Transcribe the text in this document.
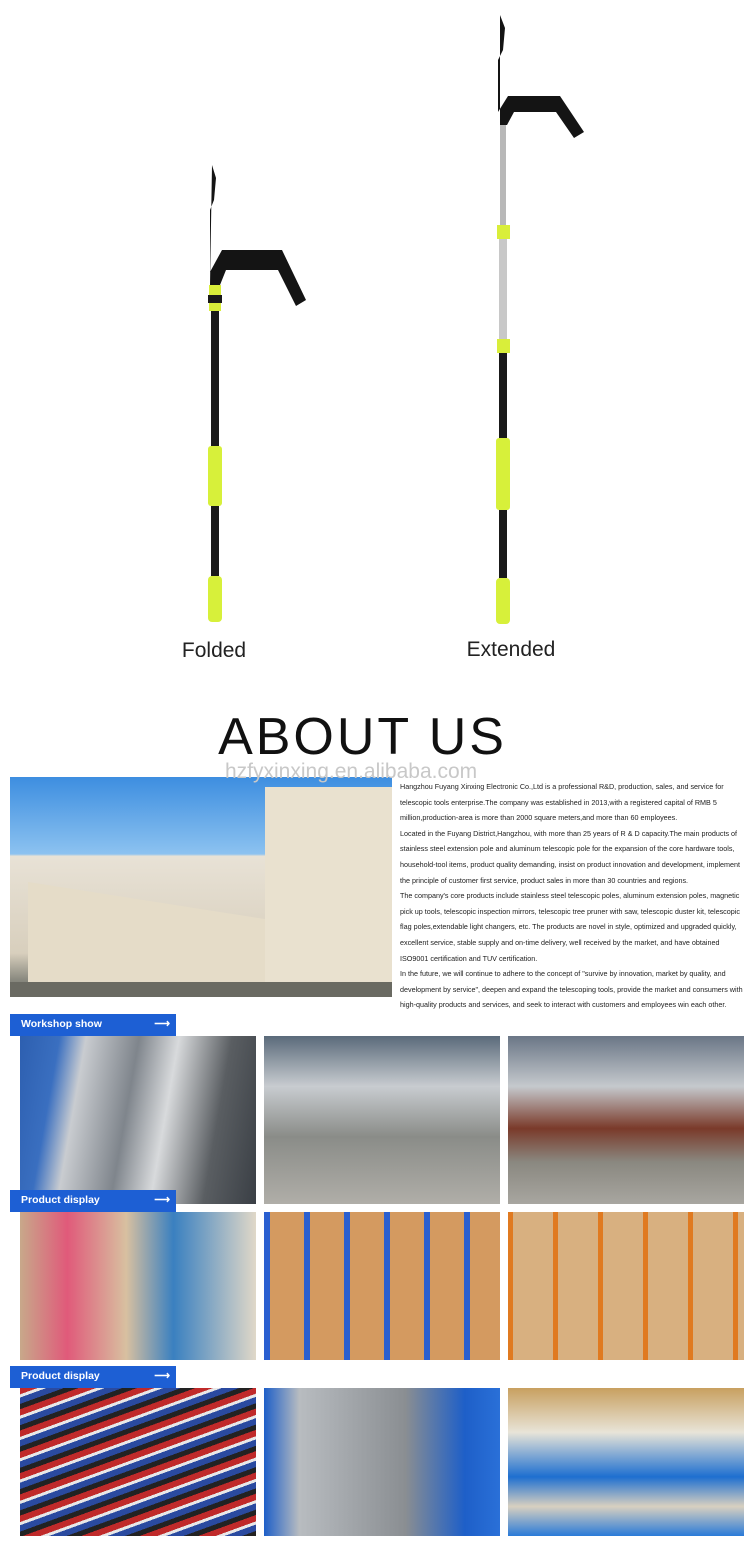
Folded	Extended
ABOUT US
hzfyxinxing.en.alibaba.com

Hangzhou Fuyang Xinxing Electronic Co.,Ltd is a professional R&D, production, sales, and service for telescopic tools enterprise.The company was established in 2013,with a registered capital of RMB 5 million,production-area is more than 2000 square meters,and more than 60 employees.

Located in the Fuyang District,Hangzhou, with more than 25 years of R & D capacity.The main products of stainless steel extension pole and aluminum telescopic pole for the expansion of the core hardware tools, household-tool items, product quality demanding, insist on product innovation and development, implement the principle of customer first service, product sales in more than 30 countries and regions.

The company's core products include stainless steel telescopic poles, aluminum extension poles, magnetic pick up tools, telescopic inspection mirrors, telescopic tree pruner with saw, telescopic duster kit, telescopic flag poles,extendable light changers, etc. The products are novel in style, optimized and upgraded quickly, excellent service, stable supply and on-time delivery, well received by the market, and have obtained ISO9001 certification and TUV certification.

In the future, we will continue to adhere to the concept of "survive by innovation, market by quality, and development by service", deepen and expand the telescoping tools, provide the market and consumers with high-quality products and services, and seek to interact with customers and employees win each other.

Workshop show	⟶
Product display	⟶
Product display	⟶
